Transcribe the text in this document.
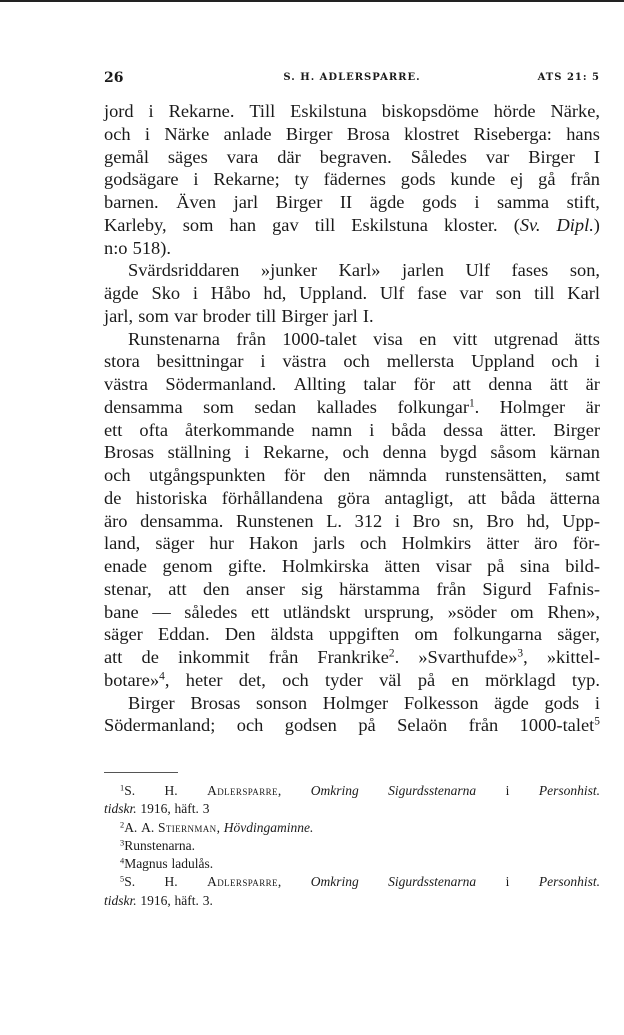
26	S. H. ADLERSPARRE.	ATS 21: 5
jord i Rekarne. Till Eskilstuna biskopsdöme hörde Närke,
och i Närke anlade Birger Brosa klostret Riseberga: hans
gemål säges vara där begraven. Således var Birger I
godsägare i Rekarne; ty fädernes gods kunde ej gå från
barnen. Även jarl Birger II ägde gods i samma stift,
Karleby, som han gav till Eskilstuna kloster. (Sv. Dipl.)
n:o 518).
Svärdsriddaren »junker Karl» jarlen Ulf fases son,
ägde Sko i Håbo hd, Uppland. Ulf fase var son till Karl
jarl, som var broder till Birger jarl I.
Runstenarna från 1000-talet visa en vitt utgrenad ätts
stora besittningar i västra och mellersta Uppland och i
västra Södermanland. Allting talar för att denna ätt är
densamma som sedan kallades folkungar$^1$. Holmger är
ett ofta återkommande namn i båda dessa ätter. Birger
Brosas ställning i Rekarne, och denna bygd såsom kärnan
och utgångspunkten för den nämnda runstensätten, samt
de historiska förhållandena göra antagligt, att båda ätterna
äro densamma. Runstenen L. 312 i Bro sn, Bro hd, Upp-
land, säger hur Hakon jarls och Holmkirs ätter äro för-
enade genom gifte. Holmkirska ätten visar på sina bild-
stenar, att den anser sig härstamma från Sigurd Fafnis-
bane — således ett utländskt ursprung, »söder om Rhen»,
säger Eddan. Den äldsta uppgiften om folkungarna säger,
att de inkommit från Frankrike$^2$. »Svarthufde»$^3$, »kittel-
botare»$^4$, heter det, och tyder väl på en mörklagd typ.
Birger Brosas sonson Holmger Folkesson ägde gods i
Södermanland; och godsen på Selaön från 1000-talet$^5$
$^1$S. H. Adlersparre, Omkring Sigurdsstenarna i Personhist.
tidskr. 1916, häft. 3
$^2$A. A. Stiernman, Hövdingaminne.
$^3$Runstenarna.
$^4$Magnus ladulås.
$^5$S. H. Adlersparre, Omkring Sigurdsstenarna i Personhist.
tidskr. 1916, häft. 3.
